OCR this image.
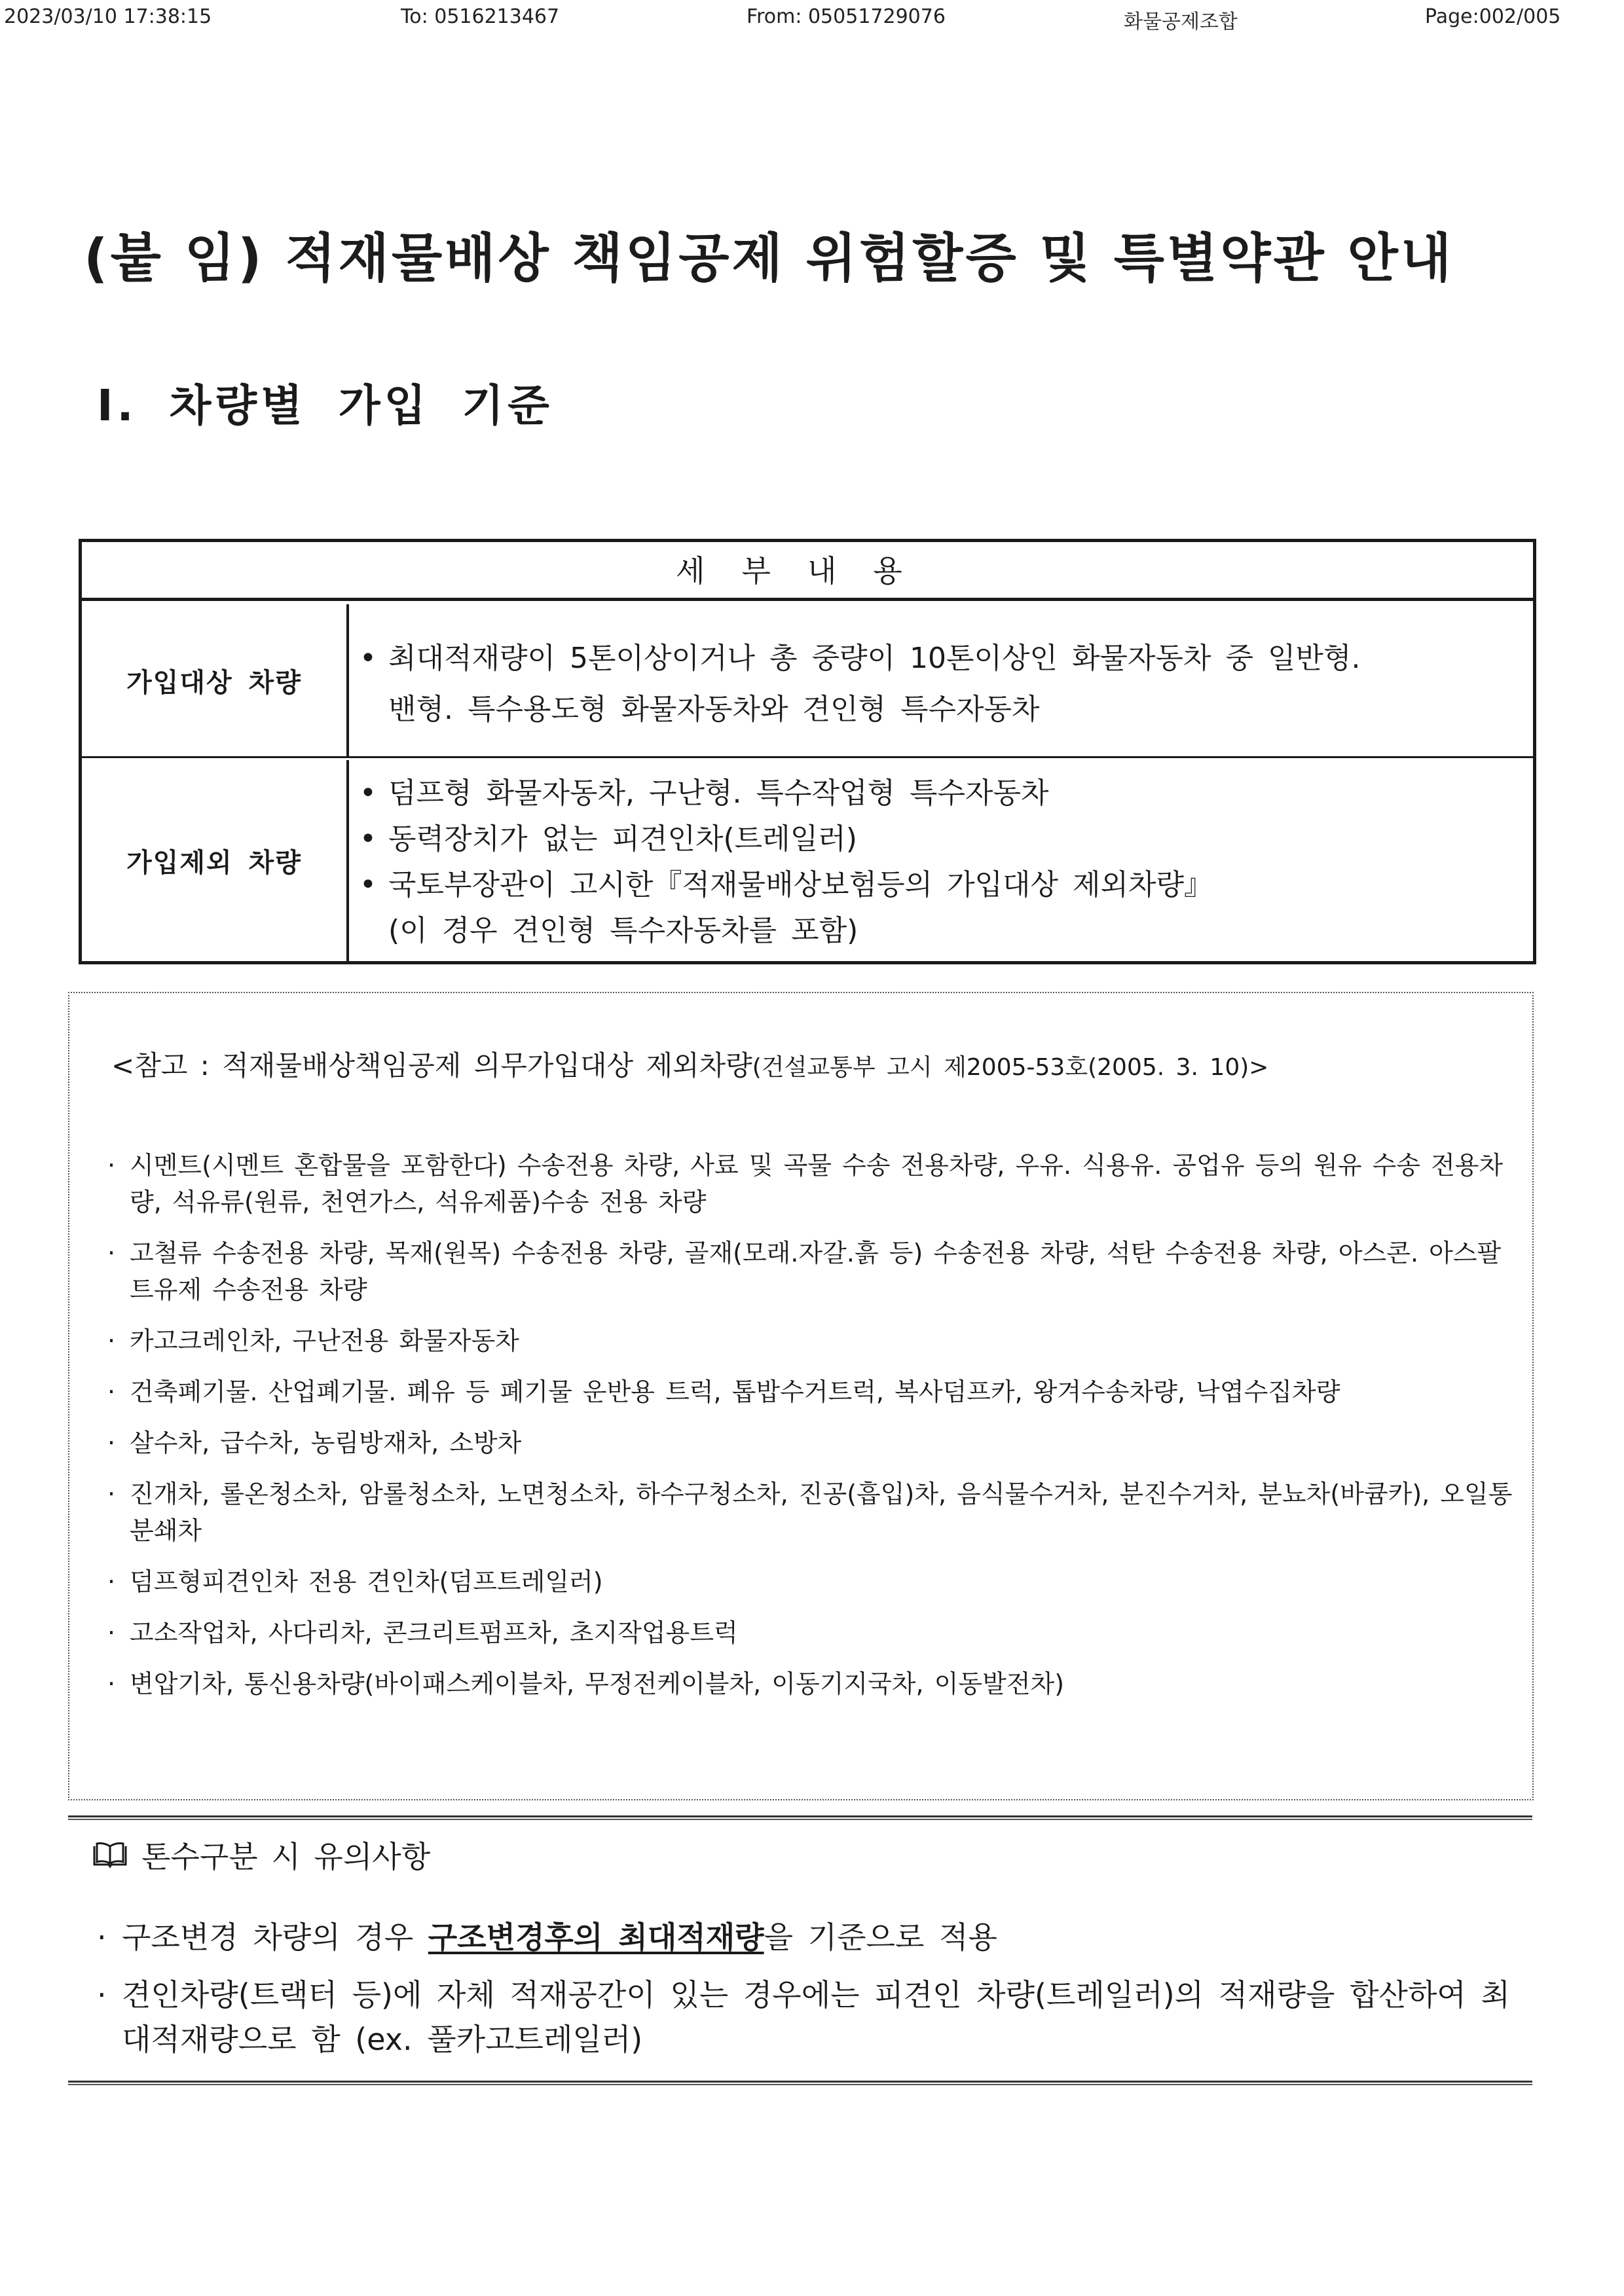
2023/03/10 17:38:15	To: 0516213467	From: 05051729076	화물공제조합	Page:002/005
(붙 임) 적재물배상 책임공제 위험할증 및 특별약관 안내
Ⅰ. 차량별 가입 기준
세부내용
가입대상 차량
• 최대적재량이 5톤이상이거나 총 중량이 10톤이상인 화물자동차 중 일반형.
밴형. 특수용도형 화물자동차와 견인형 특수자동차
가입제외 차량
• 덤프형 화물자동차, 구난형. 특수작업형 특수자동차
• 동력장치가 없는 피견인차(트레일러)
• 국토부장관이 고시한『적재물배상보험등의 가입대상 제외차량』
(이 경우 견인형 특수자동차를 포함)
<참고 : 적재물배상책임공제 의무가입대상 제외차량(건설교통부 고시 제2005-53호(2005. 3. 10)>
· 시멘트(시멘트 혼합물을 포함한다) 수송전용 차량, 사료 및 곡물 수송 전용차량, 우유. 식용유. 공업유 등의 원유 수송 전용차량, 석유류(원류, 천연가스, 석유제품)수송 전용 차량
· 고철류 수송전용 차량, 목재(원목) 수송전용 차량, 골재(모래.자갈.흙 등) 수송전용 차량, 석탄 수송전용 차량, 아스콘. 아스팔트유제 수송전용 차량
· 카고크레인차, 구난전용 화물자동차
· 건축폐기물. 산업폐기물. 폐유 등 폐기물 운반용 트럭, 톱밥수거트럭, 복사덤프카, 왕겨수송차량, 낙엽수집차량
· 살수차, 급수차, 농림방재차, 소방차
· 진개차, 롤온청소차, 암롤청소차, 노면청소차, 하수구청소차, 진공(흡입)차, 음식물수거차, 분진수거차, 분뇨차(바큠카), 오일통분쇄차
· 덤프형피견인차 전용 견인차(덤프트레일러)
· 고소작업차, 사다리차, 콘크리트펌프차, 초지작업용트럭
· 변압기차, 통신용차량(바이패스케이블차, 무정전케이블차, 이동기지국차, 이동발전차)
톤수구분 시 유의사항
· 구조변경 차량의 경우 구조변경후의 최대적재량을 기준으로 적용
· 견인차량(트랙터 등)에 자체 적재공간이 있는 경우에는 피견인 차량(트레일러)의 적재량을 합산하여 최대적재량으로 함 (ex. 풀카고트레일러)
